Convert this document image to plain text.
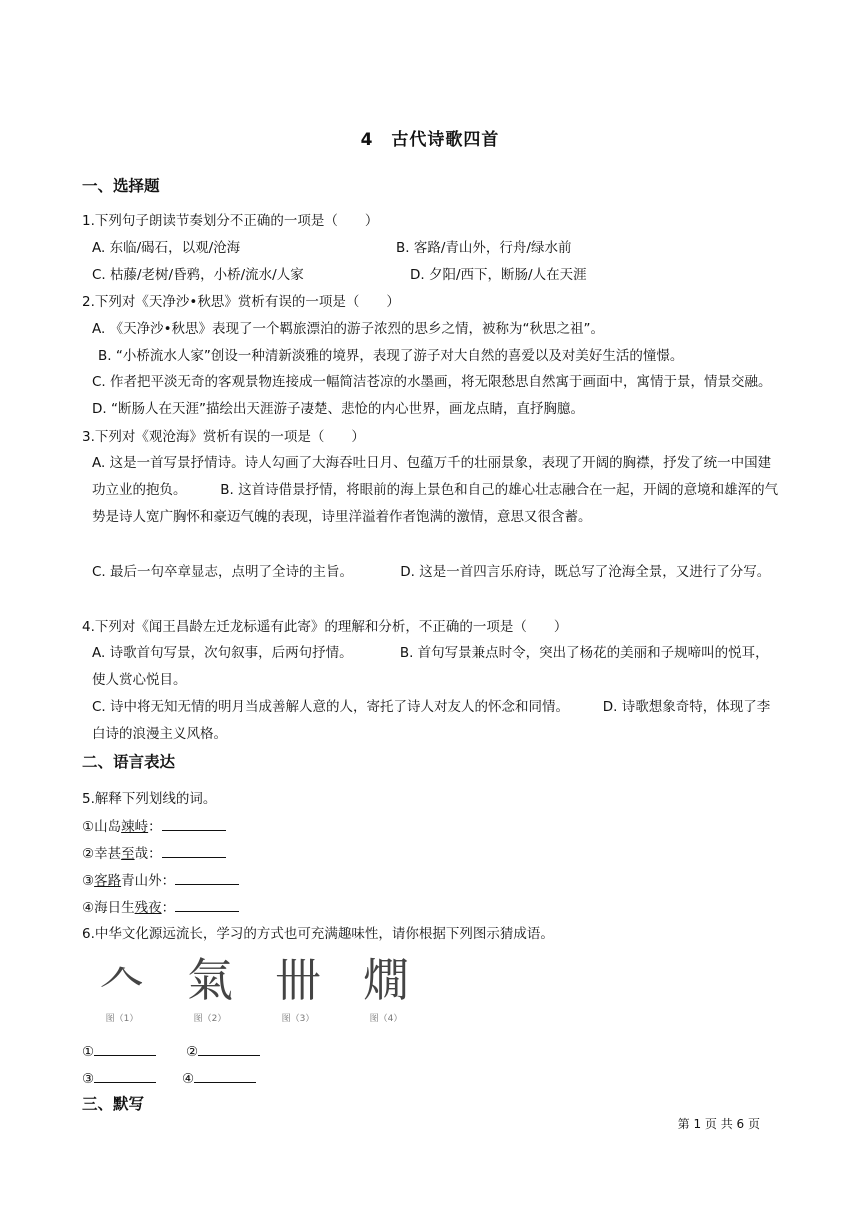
4　古代诗歌四首
一、选择题
1.下列句子朗读节奏划分不正确的一项是（　　）
A. 东临/碣石，以观/沧海	B. 客路/青山外，行舟/绿水前
C. 枯藤/老树/昏鸦，小桥/流水/人家	D. 夕阳/西下，断肠/人在天涯
2.下列对《天净沙•秋思》赏析有误的一项是（　　）
A. 《天净沙•秋思》表现了一个羁旅漂泊的游子浓烈的思乡之情，被称为“秋思之祖”。
B. “小桥流水人家”创设一种清新淡雅的境界，表现了游子对大自然的喜爱以及对美好生活的憧憬。
C. 作者把平淡无奇的客观景物连接成一幅简洁苍凉的水墨画，将无限愁思自然寓于画面中，寓情于景，情景交融。　　　D. “断肠人在天涯”描绘出天涯游子凄楚、悲怆的内心世界，画龙点睛，直抒胸臆。
3.下列对《观沧海》赏析有误的一项是（　　）
A. 这是一首写景抒情诗。诗人勾画了大海吞吐日月、包蕴万千的壮丽景象，表现了开阔的胸襟，抒发了统一中国建功立业的抱负。　　　B. 这首诗借景抒情，将眼前的海上景色和自己的雄心壮志融合在一起，开阔的意境和雄浑的气势是诗人宽广胸怀和豪迈气魄的表现，诗里洋溢着作者饱满的激情，意思又很含蓄。
C. 最后一句卒章显志，点明了全诗的主旨。　　　　D. 这是一首四言乐府诗，既总写了沧海全景，又进行了分写。
4.下列对《闻王昌龄左迁龙标遥有此寄》的理解和分析，不正确的一项是（　　）
A. 诗歌首句写景，次句叙事，后两句抒情。　　　　B. 首句写景兼点时令，突出了杨花的美丽和子规啼叫的悦耳，使人赏心悦目。
C. 诗中将无知无情的明月当成善解人意的人，寄托了诗人对友人的怀念和同情。　　　D. 诗歌想象奇特，体现了李白诗的浪漫主义风格。
二、语言表达
5.解释下列划线的词。
①山岛竦峙：
②幸甚至哉：
③客路青山外：
④海日生残夜：
6.中华文化源远流长，学习的方式也可充满趣味性，请你根据下列图示猜成语。
𠆢
图（1）
氣
图（2）
卌
图（3）
燗
图（4）
①	②
③	④
三、默写
第 1 页 共 6 页
